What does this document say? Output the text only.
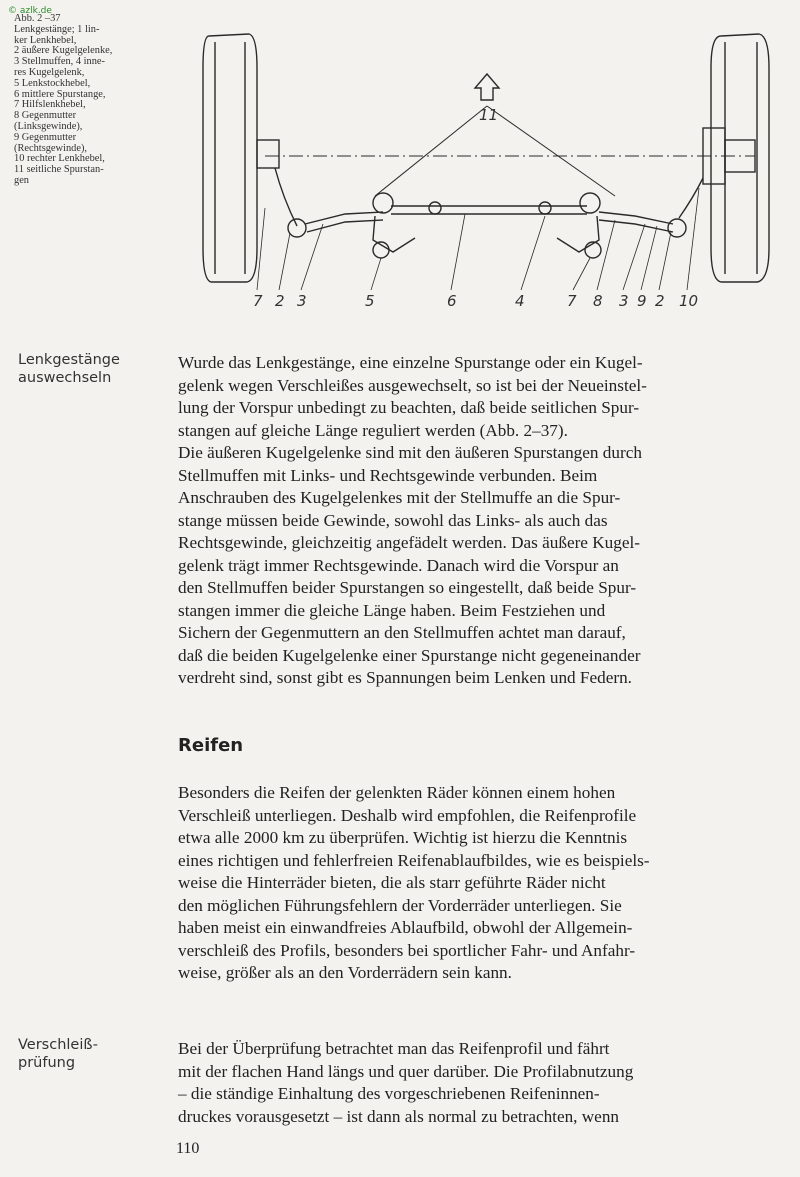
© azlk.de

Abb. 2 –37

Lenkgestänge; 1 lin-

ker Lenkhebel,

2 äußere Kugelgelenke,

3 Stellmuffen, 4 inne-

res Kugelgelenk,

5 Lenkstockhebel,

6 mittlere Spurstange,

7 Hilfslenkhebel,

8 Gegenmutter

(Linksgewinde),

9 Gegenmutter

(Rechtsgewinde),

10 rechter Lenkhebel,

11 seitliche Spurstan-

gen

7 2 3	5	6	4	7 8 3 9 2 10
11

Lenkgestänge

auswechseln

Wurde das Lenkgestänge, eine einzelne Spurstange oder ein Kugel-

gelenk wegen Verschleißes ausgewechselt, so ist bei der Neueinstel-

lung der Vorspur unbedingt zu beachten, daß beide seitlichen Spur-

stangen auf gleiche Länge reguliert werden (Abb. 2–37).

Die äußeren Kugelgelenke sind mit den äußeren Spurstangen durch

Stellmuffen mit Links- und Rechtsgewinde verbunden. Beim

Anschrauben des Kugelgelenkes mit der Stellmuffe an die Spur-

stange müssen beide Gewinde, sowohl das Links- als auch das

Rechtsgewinde, gleichzeitig angefädelt werden. Das äußere Kugel-

gelenk trägt immer Rechtsgewinde. Danach wird die Vorspur an

den Stellmuffen beider Spurstangen so eingestellt, daß beide Spur-

stangen immer die gleiche Länge haben. Beim Festziehen und

Sichern der Gegenmuttern an den Stellmuffen achtet man darauf,

daß die beiden Kugelgelenke einer Spurstange nicht gegeneinander

verdreht sind, sonst gibt es Spannungen beim Lenken und Federn.

Reifen

Besonders die Reifen der gelenkten Räder können einem hohen

Verschleiß unterliegen. Deshalb wird empfohlen, die Reifenprofile

etwa alle 2000 km zu überprüfen. Wichtig ist hierzu die Kenntnis

eines richtigen und fehlerfreien Reifenablaufbildes, wie es beispiels-

weise die Hinterräder bieten, die als starr geführte Räder nicht

den möglichen Führungsfehlern der Vorderräder unterliegen. Sie

haben meist ein einwandfreies Ablaufbild, obwohl der Allgemein-

verschleiß des Profils, besonders bei sportlicher Fahr- und Anfahr-

weise, größer als an den Vorderrädern sein kann.

Verschleiß-

prüfung

Bei der Überprüfung betrachtet man das Reifenprofil und fährt

mit der flachen Hand längs und quer darüber. Die Profilabnutzung

– die ständige Einhaltung des vorgeschriebenen Reifeninnen-

druckes vorausgesetzt – ist dann als normal zu betrachten, wenn

110
